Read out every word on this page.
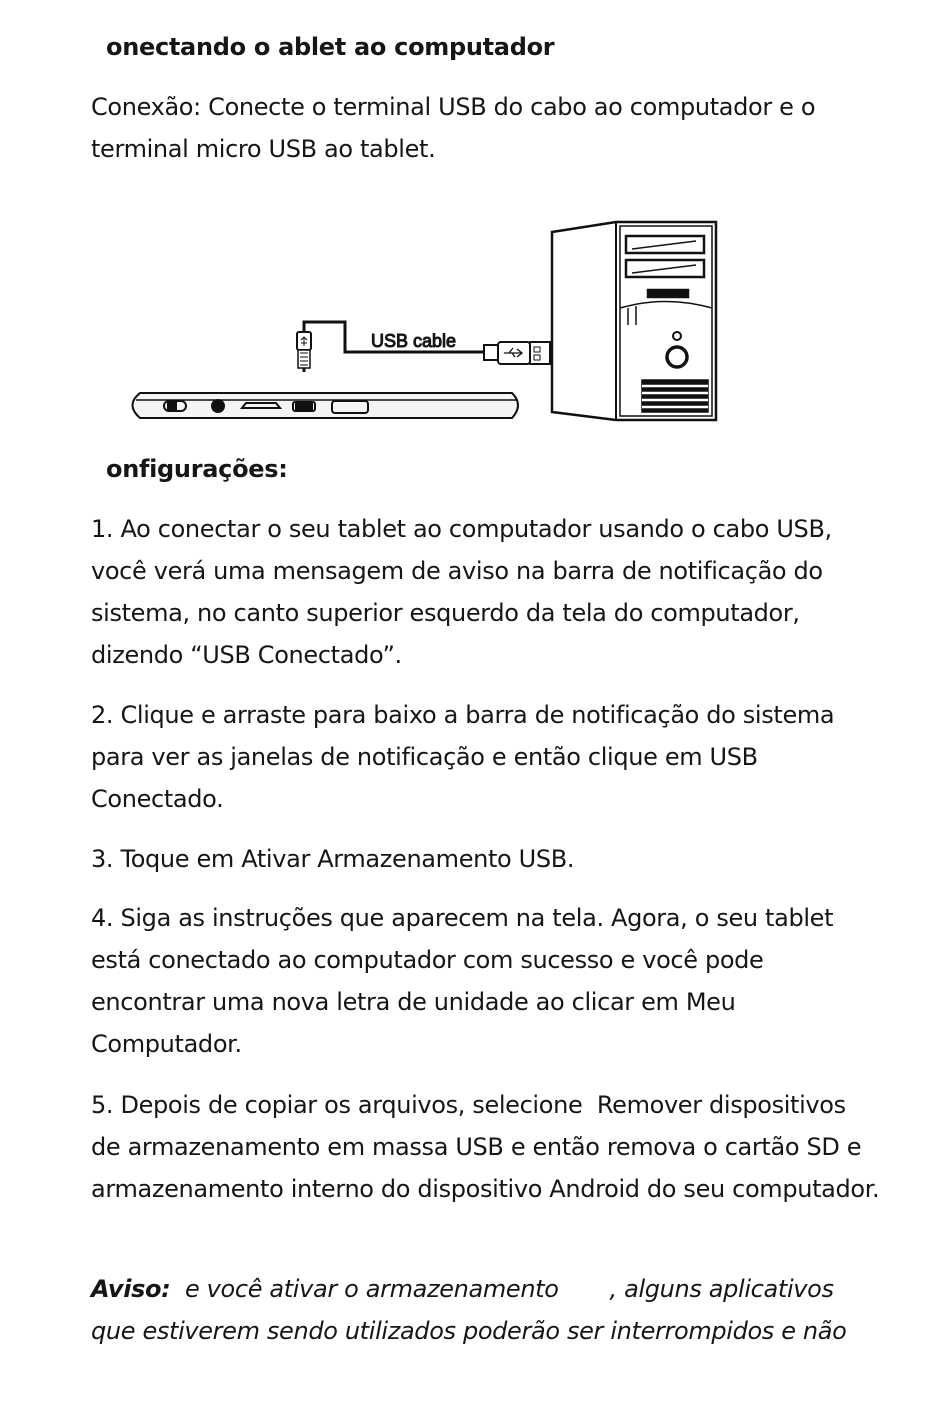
onectando o ablet ao computador
Conexão: Conecte o terminal USB do cabo ao computador e o terminal micro USB ao tablet.
USB cable
onfigurações:
1. Ao conectar o seu tablet ao computador usando o cabo USB, você verá uma mensagem de aviso na barra de notificação do sistema, no canto superior esquerdo da tela do computador, dizendo “USB Conectado”.
2. Clique e arraste para baixo a barra de notificação do sistema para ver as janelas de notificação e então clique em USB Conectado.
3. Toque em Ativar Armazenamento USB.
4. Siga as instruções que aparecem na tela. Agora, o seu tablet está conectado ao computador com sucesso e você pode encontrar uma nova letra de unidade ao clicar em Meu Computador.
5. Depois de copiar os arquivos, selecione  Remover dispositivos de armazenamento em massa USB e então remova o cartão SD e armazenamento interno do dispositivo Android do seu computador.
Aviso:  e você ativar o armazenamento       , alguns aplicativos que estiverem sendo utilizados poderão ser interrompidos e não
